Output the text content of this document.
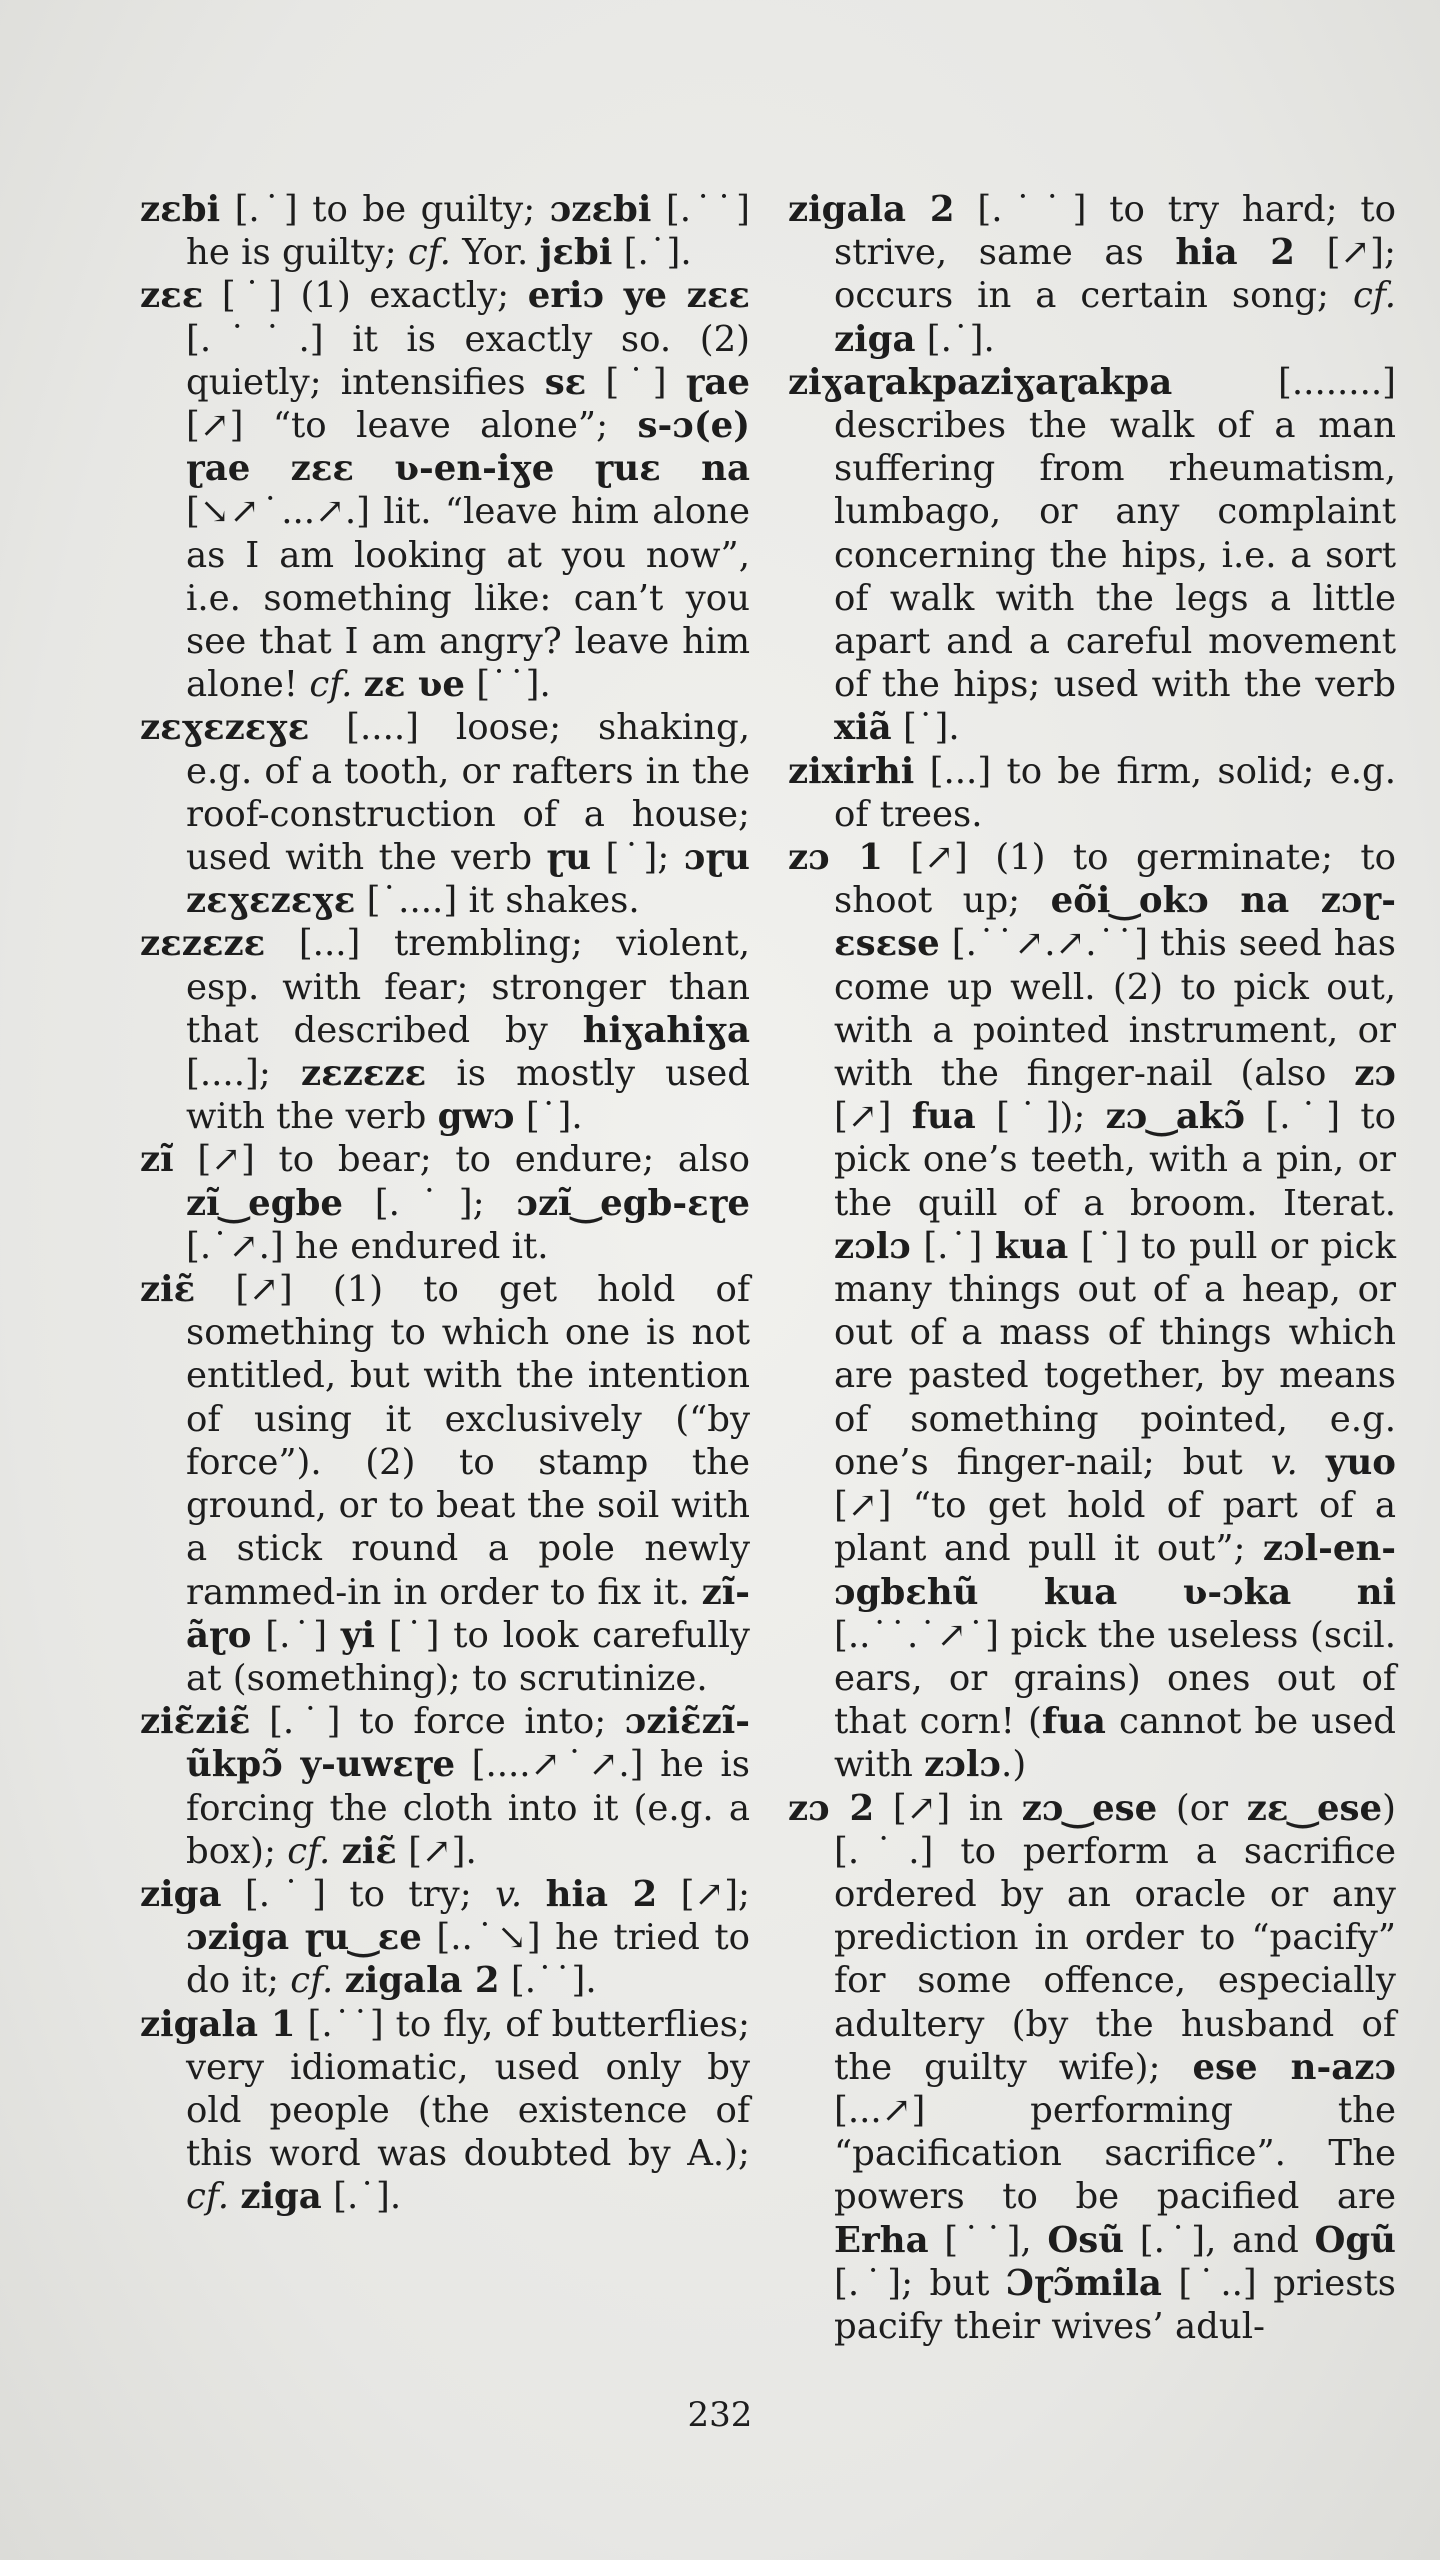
zɛbi [.˙] to be guilty; ɔzɛbi [.˙˙] he is guilty; cf. Yor. jɛbi [.˙].

zɛɛ [˙] (1) exactly; eriɔ ye zɛɛ [.˙˙.] it is exactly so. (2) quietly; intensifies sɛ [˙] ɽae [↗] “to leave alone”; s-ɔ(e) ɽae zɛɛ ʋ-en-iɣe ɽuɛ na [↘↗˙...↗.] lit. “leave him alone as I am looking at you now”, i.e. something like: can’t you see that I am angry? leave him alone! cf. zɛ ʋe [˙˙].

zɛɣɛzɛɣɛ [....] loose; shaking, e.g. of a tooth, or rafters in the roof-construction of a house; used with the verb ɽu [˙]; ɔɽu zɛɣɛzɛɣɛ [˙....] it shakes.

zɛzɛzɛ [...] trembling; violent, esp. with fear; stronger than that described by hiɣahiɣa [....]; zɛzɛzɛ is mostly used with the verb gwɔ [˙].

zĩ [↗] to bear; to endure; also zĩ‿egbe [.˙]; ɔzĩ‿egb-ɛɽe [.˙↗.] he endured it.

ziɛ̃ [↗] (1) to get hold of something to which one is not entitled, but with the intention of using it exclusively (“by force”). (2) to stamp the ground, or to beat the soil with a stick round a pole newly rammed-in in order to fix it. zĩ-ãɽo [.˙] yi [˙] to look carefully at (something); to scrutinize.

ziɛ̃ziɛ̃ [.˙] to force into; ɔziɛ̃zĩ-ũkpɔ̃ y-uwɛɽe [....↗˙↗.] he is forcing the cloth into it (e.g. a box); cf. ziɛ̃ [↗].

ziga [.˙] to try; v. hia 2 [↗]; ɔziga ɽu‿ɛe [..˙↘] he tried to do it; cf. zigala 2 [.˙˙].

zigala 1 [.˙˙] to fly, of butterflies; very idiomatic, used only by old people (the existence of this word was doubted by A.); cf. ziga [.˙].

zigala 2 [.˙˙] to try hard; to strive, same as hia 2 [↗]; occurs in a certain song; cf. ziga [.˙].

ziɣaɽakpaziɣaɽakpa [........] describes the walk of a man suffering from rheumatism, lumbago, or any complaint concerning the hips, i.e. a sort of walk with the legs a little apart and a careful movement of the hips; used with the verb xiã [˙].

zixirhi [...] to be firm, solid; e.g. of trees.

zɔ 1 [↗] (1) to germinate; to shoot up; eõi‿okɔ na zɔɽ-ɛsɛse [.˙˙↗.↗.˙˙] this seed has come up well. (2) to pick out, with a pointed instrument, or with the finger-nail (also zɔ [↗] fua [˙]); zɔ‿akɔ̃ [.˙] to pick one’s teeth, with a pin, or the quill of a broom. Iterat. zɔlɔ [.˙] kua [˙] to pull or pick many things out of a heap, or out of a mass of things which are pasted together, by means of something pointed, e.g. one’s finger-nail; but v. yuo [↗] “to get hold of part of a plant and pull it out”; zɔl-en-ɔgbɛhũ kua ʋ-ɔka ni [..˙˙.˙↗˙] pick the useless (scil. ears, or grains) ones out of that corn! (fua cannot be used with zɔlɔ.)

zɔ 2 [↗] in zɔ‿ese (or zɛ‿ese) [.˙.] to perform a sacrifice ordered by an oracle or any prediction in order to “pacify” for some offence, especially adultery (by the husband of the guilty wife); ese n-azɔ [...↗] performing the “pacification sacrifice”. The powers to be pacified are Erha [˙˙], Osũ [.˙], and Ogũ [.˙]; but Ɔɽɔ̃mila [˙..] priests pacify their wives’ adul-

232
